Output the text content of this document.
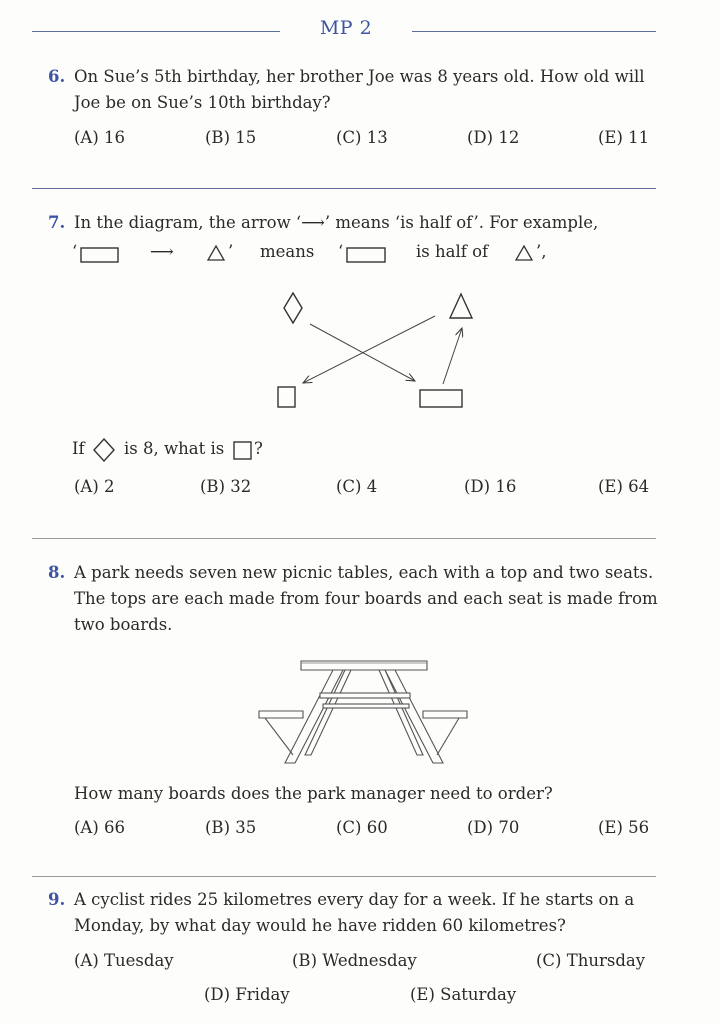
MP 2
6. On Sue’s 5th birthday, her brother Joe was 8 years old. How old will
Joe be on Sue’s 10th birthday?
(A) 16	(B) 15	(C) 13	(D) 12	(E) 11
7. In the diagram, the arrow ‘⟶’ means ‘is half of’. For example,
‘	⟶	’ means ‘	is half of	’,
If is 8, what is ?
(A) 2	(B) 32	(C) 4	(D) 16	(E) 64
8. A park needs seven new picnic tables, each with a top and two seats.
The tops are each made from four boards and each seat is made from
two boards.
How many boards does the park manager need to order?
(A) 66	(B) 35	(C) 60	(D) 70	(E) 56
9. A cyclist rides 25 kilometres every day for a week. If he starts on a
Monday, by what day would he have ridden 60 kilometres?
(A) Tuesday	(B) Wednesday	(C) Thursday
(D) Friday	(E) Saturday
